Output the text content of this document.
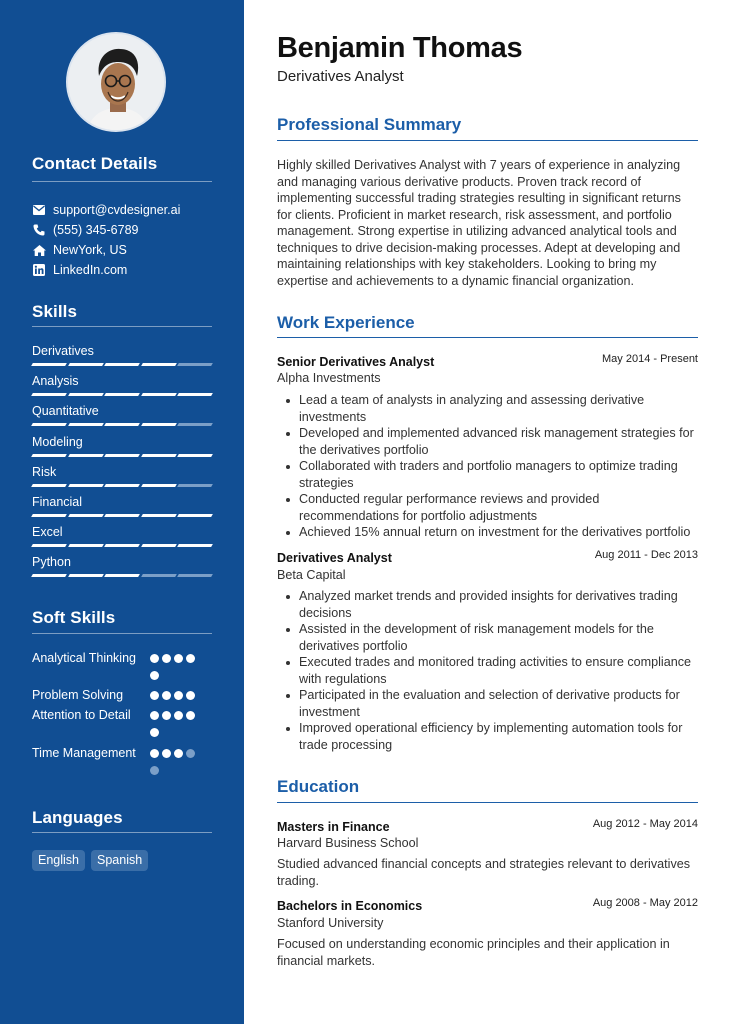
Contact Details
support@cvdesigner.ai
(555) 345-6789
NewYork, US
LinkedIn.com
Skills
Derivatives
Analysis
Quantitative
Modeling
Risk
Financial
Excel
Python
Soft Skills
Analytical Thinking
Problem Solving
Attention to Detail
Time Management
Languages
English	Spanish
Benjamin Thomas
Derivatives Analyst
Professional Summary
Highly skilled Derivatives Analyst with 7 years of experience in analyzing and managing various derivative products. Proven track record of implementing successful trading strategies resulting in significant returns for clients. Proficient in market research, risk assessment, and portfolio management. Strong expertise in utilizing advanced analytical tools and techniques to drive decision-making processes. Adept at developing and maintaining relationships with key stakeholders. Looking to bring my expertise and achievements to a dynamic financial organization.
Work Experience
Senior Derivatives Analyst	May 2014 - Present
Alpha Investments
Lead a team of analysts in analyzing and assessing derivative investments
Developed and implemented advanced risk management strategies for the derivatives portfolio
Collaborated with traders and portfolio managers to optimize trading strategies
Conducted regular performance reviews and provided recommendations for portfolio adjustments
Achieved 15% annual return on investment for the derivatives portfolio
Derivatives Analyst	Aug 2011 - Dec 2013
Beta Capital
Analyzed market trends and provided insights for derivatives trading decisions
Assisted in the development of risk management models for the derivatives portfolio
Executed trades and monitored trading activities to ensure compliance with regulations
Participated in the evaluation and selection of derivative products for investment
Improved operational efficiency by implementing automation tools for trade processing
Education
Masters in Finance	Aug 2012 - May 2014
Harvard Business School
Studied advanced financial concepts and strategies relevant to derivatives trading.
Bachelors in Economics	Aug 2008 - May 2012
Stanford University
Focused on understanding economic principles and their application in financial markets.
